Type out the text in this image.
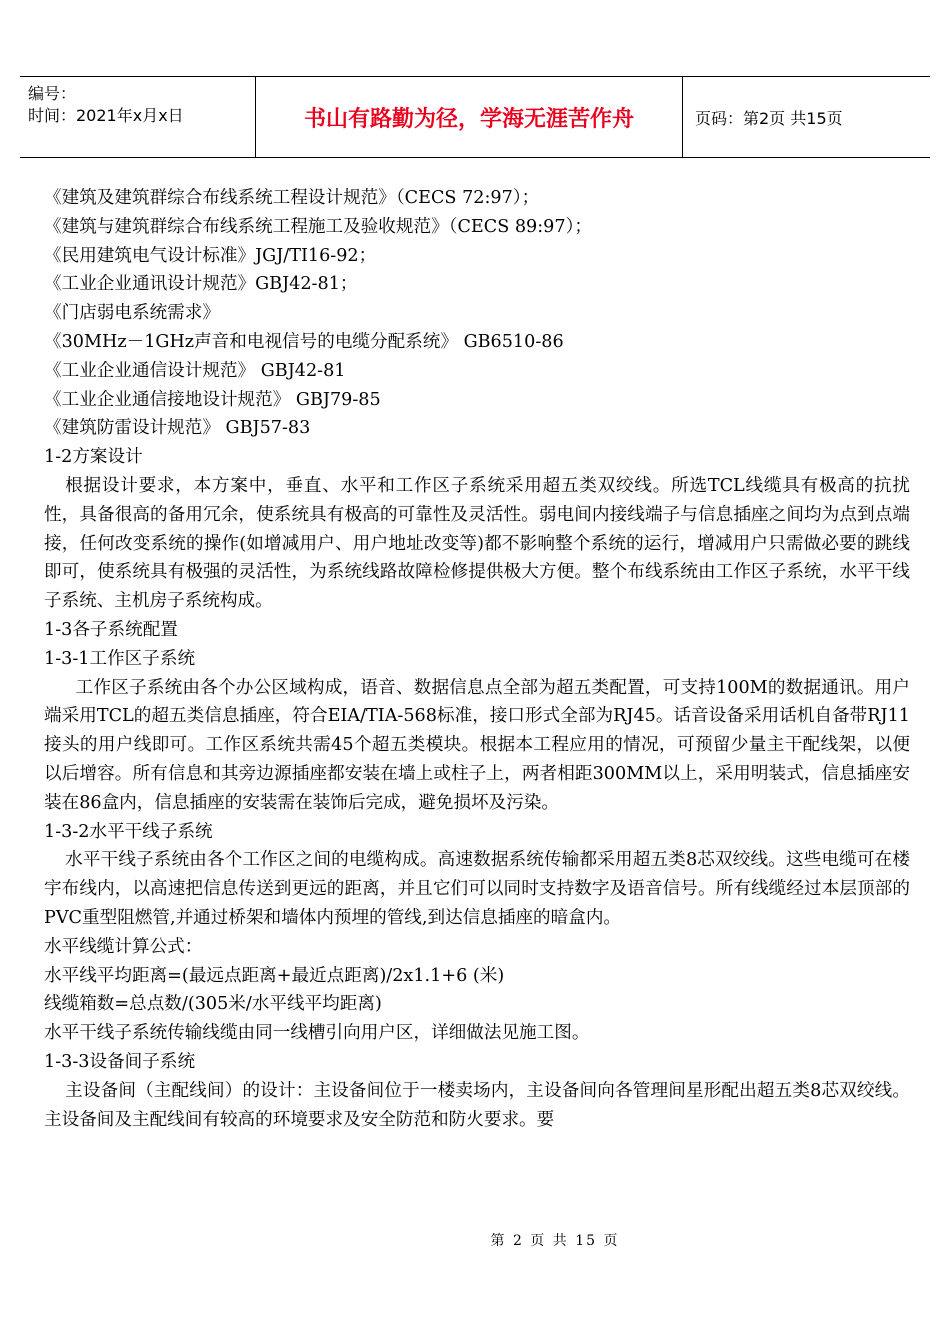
编号：
时间：2021年x月x日	书山有路勤为径，学海无涯苦作舟	页码：第2页 共15页

《建筑及建筑群综合布线系统工程设计规范》（CECS 72:97）；

《建筑与建筑群综合布线系统工程施工及验收规范》（CECS 89:97）；

《民用建筑电气设计标准》JGJ/TI16-92；

《工业企业通讯设计规范》GBJ42-81；

《门店弱电系统需求》

《30MHz－1GHz声音和电视信号的电缆分配系统》 GB6510-86

《工业企业通信设计规范》 GBJ42-81

《工业企业通信接地设计规范》 GBJ79-85

《建筑防雷设计规范》 GBJ57-83

1-2方案设计

根据设计要求，本方案中，垂直、水平和工作区子系统采用超五类双绞线。所选TCL线缆具有极高的抗扰性，具备很高的备用冗余，使系统具有极高的可靠性及灵活性。弱电间内接线端子与信息插座之间均为点到点端接，任何改变系统的操作(如增减用户、用户地址改变等)都不影响整个系统的运行，增减用户只需做必要的跳线即可，使系统具有极强的灵活性，为系统线路故障检修提供极大方便。整个布线系统由工作区子系统，水平干线子系统、主机房子系统构成。

1-3各子系统配置

1-3-1工作区子系统

工作区子系统由各个办公区域构成，语音、数据信息点全部为超五类配置，可支持100M的数据通讯。用户端采用TCL的超五类信息插座，符合EIA/TIA-568标准，接口形式全部为RJ45。话音设备采用话机自备带RJ11接头的用户线即可。工作区系统共需45个超五类模块。根据本工程应用的情况，可预留少量主干配线架，以便以后增容。所有信息和其旁边源插座都安装在墙上或柱子上，两者相距300MM以上，采用明装式，信息插座安装在86盒内，信息插座的安装需在装饰后完成，避免损坏及污染。

1-3-2水平干线子系统

水平干线子系统由各个工作区之间的电缆构成。高速数据系统传输都采用超五类8芯双绞线。这些电缆可在楼宇布线内，以高速把信息传送到更远的距离，并且它们可以同时支持数字及语音信号。所有线缆经过本层顶部的PVC重型阻燃管,并通过桥架和墙体内预埋的管线,到达信息插座的暗盒内。

水平线缆计算公式：

水平线平均距离=(最远点距离+最近点距离)/2x1.1+6 (米)

线缆箱数=总点数/(305米/水平线平均距离)

水平干线子系统传输线缆由同一线槽引向用户区，详细做法见施工图。

1-3-3设备间子系统

主设备间（主配线间）的设计：主设备间位于一楼卖场内，主设备间向各管理间星形配出超五类8芯双绞线。主设备间及主配线间有较高的环境要求及安全防范和防火要求。要

第 2 页 共 15 页
